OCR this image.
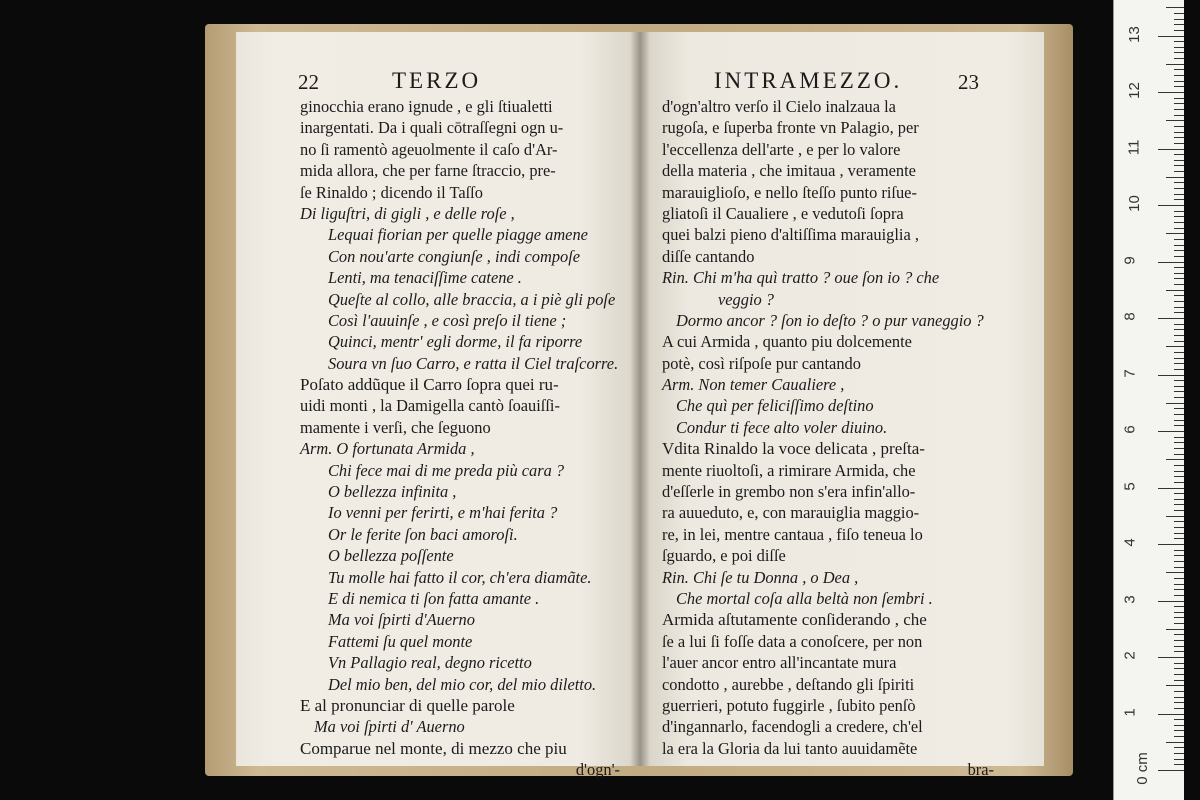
22	TERZO
ginocchia erano ignude , e gli ſtiualetti
inargentati. Da i quali cōtraſſegni ogn u-
no ſi ramentò ageuolmente il caſo d'Ar-
mida allora, che per farne ſtraccio, pre-
ſe Rinaldo ; dicendo il Taſſo
Di liguſtri, di gigli , e delle roſe ,
Lequai fiorian per quelle piagge amene
Con nou'arte congiunſe , indi compoſe
Lenti, ma tenaciſſime catene .
Queſte al collo, alle braccia, a i piè gli poſe
Così l'auuinſe , e così preſo il tiene ;
Quinci, mentr' egli dorme, il fa riporre
Soura vn ſuo Carro, e ratta il Ciel traſcorre.
Poſato addũque il Carro ſopra quei ru-
uidi monti , la Damigella cantò ſoauiſſi-
mamente i verſi, che ſeguono
Arm. O fortunata Armida ,
Chi fece mai di me preda più cara ?
O bellezza infinita ,
Io venni per ferirti, e m'hai ferita ?
Or le ferite ſon baci amoroſi.
O bellezza poſſente
Tu molle hai fatto il cor, ch'era diamãte.
E di nemica ti ſon fatta amante .
Ma voi ſpirti d'Auerno
Fattemi ſu quel monte
Vn Pallagio real, degno ricetto
Del mio ben, del mio cor, del mio diletto.
E al pronunciar di quelle parole
Ma voi ſpirti d' Auerno
Comparue nel monte, di mezzo che piu
d'ogn'-
INTRAMEZZO.	23
d'ogn'altro verſo il Cielo inalzaua la
rugoſa, e ſuperba fronte vn Palagio, per
l'eccellenza dell'arte , e per lo valore
della materia , che imitaua , veramente
marauiglioſo, e nello ſteſſo punto riſue-
gliatoſi il Caualiere , e vedutoſi ſopra
quei balzi pieno d'altiſſima marauiglia ,
diſſe cantando
Rin. Chi m'ha quì tratto ? oue ſon io ? che
veggio ?
Dormo ancor ? ſon io deſto ? o pur vaneggio ?
A cui Armida , quanto piu dolcemente
potè, così riſpoſe pur cantando
Arm. Non temer Caualiere ,
Che quì per feliciſſimo deſtino
Condur ti fece alto voler diuino.
Vdita Rinaldo la voce delicata , preſta-
mente riuoltoſi, a rimirare Armida, che
d'eſſerle in grembo non s'era infin'allo-
ra auueduto, e, con marauiglia maggio-
re, in lei, mentre cantaua , fiſo teneua lo
ſguardo, e poi diſſe
Rin. Chi ſe tu Donna , o Dea ,
Che mortal coſa alla beltà non ſembri .
Armida aſtutamente conſiderando , che
ſe a lui ſi foſſe data a conoſcere, per non
l'auer ancor entro all'incantate mura
condotto , aurebbe , deſtando gli ſpiriti
guerrieri, potuto fuggirle , ſubito penſò
d'ingannarlo, facendogli a credere, ch'el
la era la Gloria da lui tanto auuidamẽte
bra-	0 cm
1
2
3
4
5
6
7
8
9
10
11
12
13
